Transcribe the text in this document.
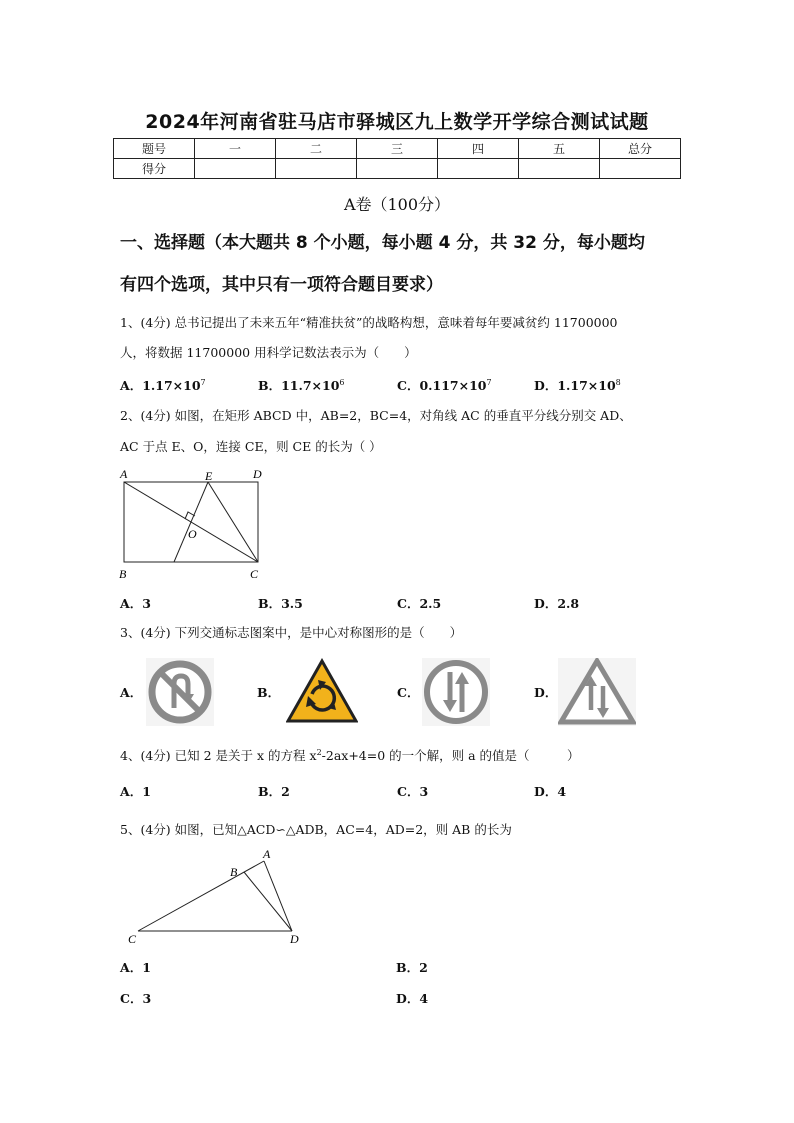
2024年河南省驻马店市驿城区九上数学开学综合测试试题
题号	一	二	三	四	五	总分
得分						
A卷（100分）
一、选择题（本大题共 8 个小题，每小题 4 分，共 32 分，每小题均
有四个选项，其中只有一项符合题目要求）
1、(4分) 总书记提出了未来五年“精准扶贫”的战略构想，意味着每年要减贫约 11700000
人，将数据 11700000 用科学记数法表示为（　　）
A．$1.17\times 10^7$	B．$11.7\times 10^6$	C．$0.117\times 10^7$	D．$1.17\times 10^8$
2、(4分) 如图，在矩形 ABCD 中，AB=2，BC=4，对角线 AC 的垂直平分线分别交 AD、
AC 于点 E、O，连接 CE，则 CE 的长为（ ）
A	E	D
O
B	C
A．3	B．3.5	C．2.5	D．2.8
3、(4分) 下列交通标志图案中，是中心对称图形的是（　　）
A．	B．	C．	D．
4、(4分) 已知 2 是关于 x 的方程 $x^2-2ax+4=0$ 的一个解，则 a 的值是（　　　）
A．1	B．2	C．3	D．4
5、(4分) 如图，已知△ACD∽△ADB，AC=4，AD=2，则 AB 的长为
A
B
C	D
A．1	B．2
C．3	D．4
